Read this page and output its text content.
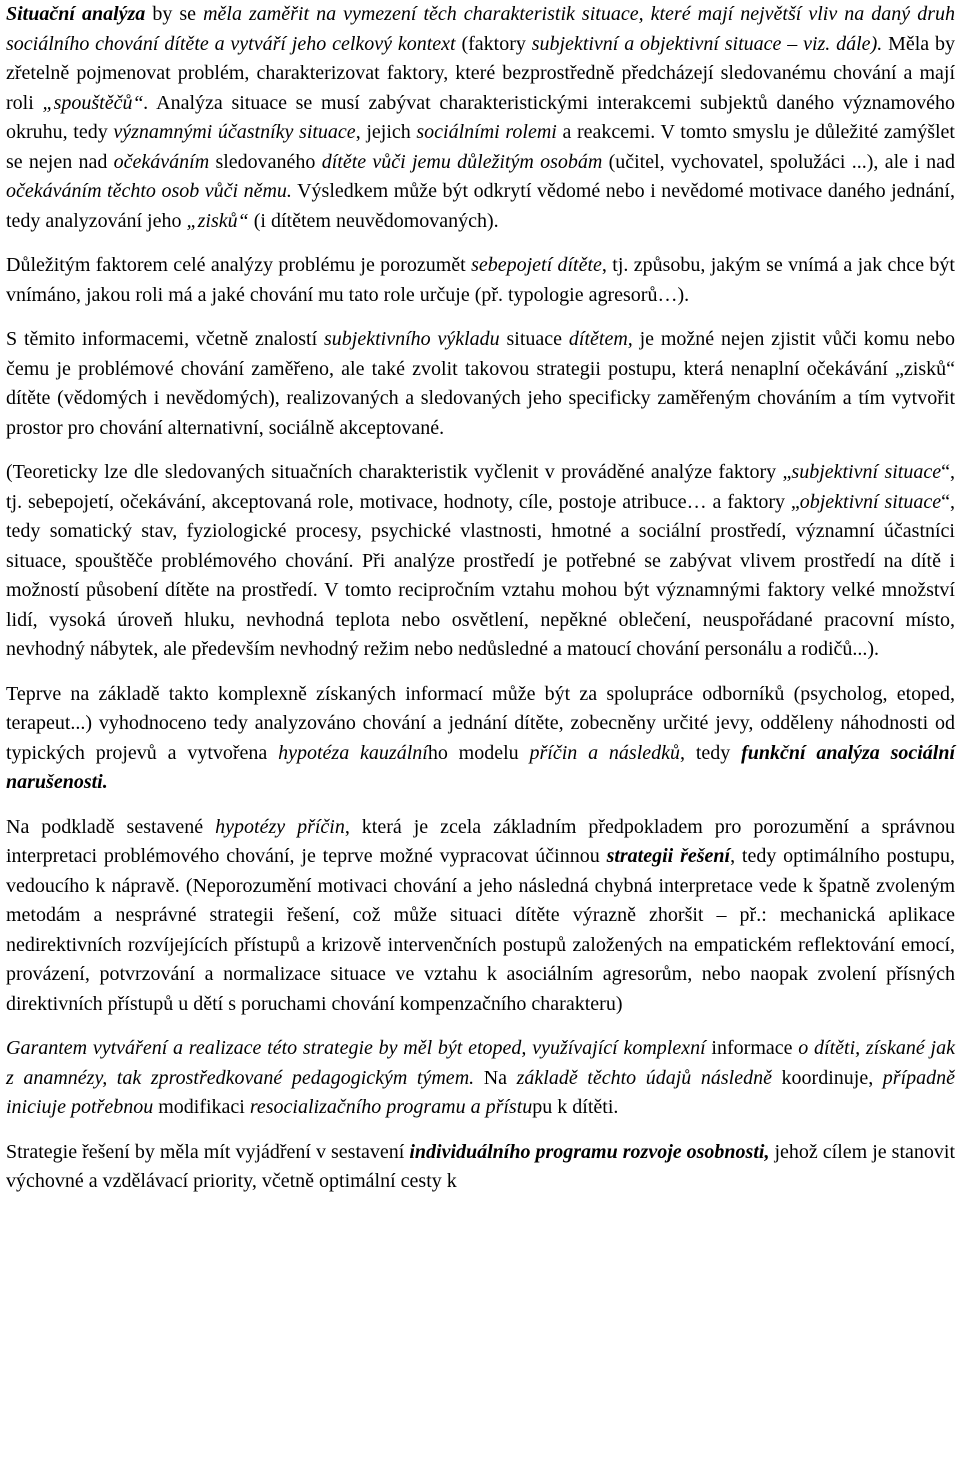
Situační analýza by se měla zaměřit na vymezení těch charakteristik situace, které mají největší vliv na daný druh sociálního chování dítěte a vytváří jeho celkový kontext (faktory subjektivní a objektivní situace – viz. dále). Měla by zřetelně pojmenovat problém, charakterizovat faktory, které bezprostředně předcházejí sledovanému chování a mají roli „spouštěčů“. Analýza situace se musí zabývat charakteristickými interakcemi subjektů daného významového okruhu, tedy významnými účastníky situace, jejich sociálními rolemi a reakcemi. V tomto smyslu je důležité zamýšlet se nejen nad očekáváním sledovaného dítěte vůči jemu důležitým osobám (učitel, vychovatel, spolužáci ...), ale i nad očekáváním těchto osob vůči němu. Výsledkem může být odkrytí vědomé nebo i nevědomé motivace daného jednání, tedy analyzování jeho „zisků“ (i dítětem neuvědomovaných).

Důležitým faktorem celé analýzy problému je porozumět sebepojetí dítěte, tj. způsobu, jakým se vnímá a jak chce být vnímáno, jakou roli má a jaké chování mu tato role určuje (př. typologie agresorů…).

S těmito informacemi, včetně znalostí subjektivního výkladu situace dítětem, je možné nejen zjistit vůči komu nebo čemu je problémové chování zaměřeno, ale také zvolit takovou strategii postupu, která nenaplní očekávání „zisků“ dítěte (vědomých i nevědomých), realizovaných a sledovaných jeho specificky zaměřeným chováním a tím vytvořit prostor pro chování alternativní, sociálně akceptované.

(Teoreticky lze dle sledovaných situačních charakteristik vyčlenit v prováděné analýze faktory „subjektivní situace“, tj. sebepojetí, očekávání, akceptovaná role, motivace, hodnoty, cíle, postoje atribuce… a faktory „objektivní situace“, tedy somatický stav, fyziologické procesy, psychické vlastnosti, hmotné a sociální prostředí, významní účastníci situace, spouštěče problémového chování. Při analýze prostředí je potřebné se zabývat vlivem prostředí na dítě i možností působení dítěte na prostředí. V tomto recipročním vztahu mohou být významnými faktory velké množství lidí, vysoká úroveň hluku, nevhodná teplota nebo osvětlení, nepěkné oblečení, neuspořádané pracovní místo, nevhodný nábytek, ale především nevhodný režim nebo nedůsledné a matoucí chování personálu a rodičů...).

Teprve na základě takto komplexně získaných informací může být za spolupráce odborníků (psycholog, etoped, terapeut...) vyhodnoceno tedy analyzováno chování a jednání dítěte, zobecněny určité jevy, odděleny náhodnosti od typických projevů a vytvořena hypotéza kauzálního modelu příčin a následků, tedy funkční analýza sociální narušenosti.

Na podkladě sestavené hypotézy příčin, která je zcela základním předpokladem pro porozumění a správnou interpretaci problémového chování, je teprve možné vypracovat účinnou strategii řešení, tedy optimálního postupu, vedoucího k nápravě. (Neporozumění motivaci chování a jeho následná chybná interpretace vede k špatně zvoleným metodám a nesprávné strategii řešení, což může situaci dítěte výrazně zhoršit – př.: mechanická aplikace nedirektivních rozvíjejících přístupů a krizově intervenčních postupů založených na empatickém reflektování emocí, provázení, potvrzování a normalizace situace ve vztahu k asociálním agresorům, nebo naopak zvolení přísných direktivních přístupů u dětí s poruchami chování kompenzačního charakteru)

Garantem vytváření a realizace této strategie by měl být etoped, využívající komplexní informace o dítěti, získané jak z anamnézy, tak zprostředkované pedagogickým týmem. Na základě těchto údajů následně koordinuje, případně iniciuje potřebnou modifikaci resocializačního programu a přístupu k dítěti.

Strategie řešení by měla mít vyjádření v sestavení individuálního programu rozvoje osobnosti, jehož cílem je stanovit výchovné a vzdělávací priority, včetně optimální cesty k
